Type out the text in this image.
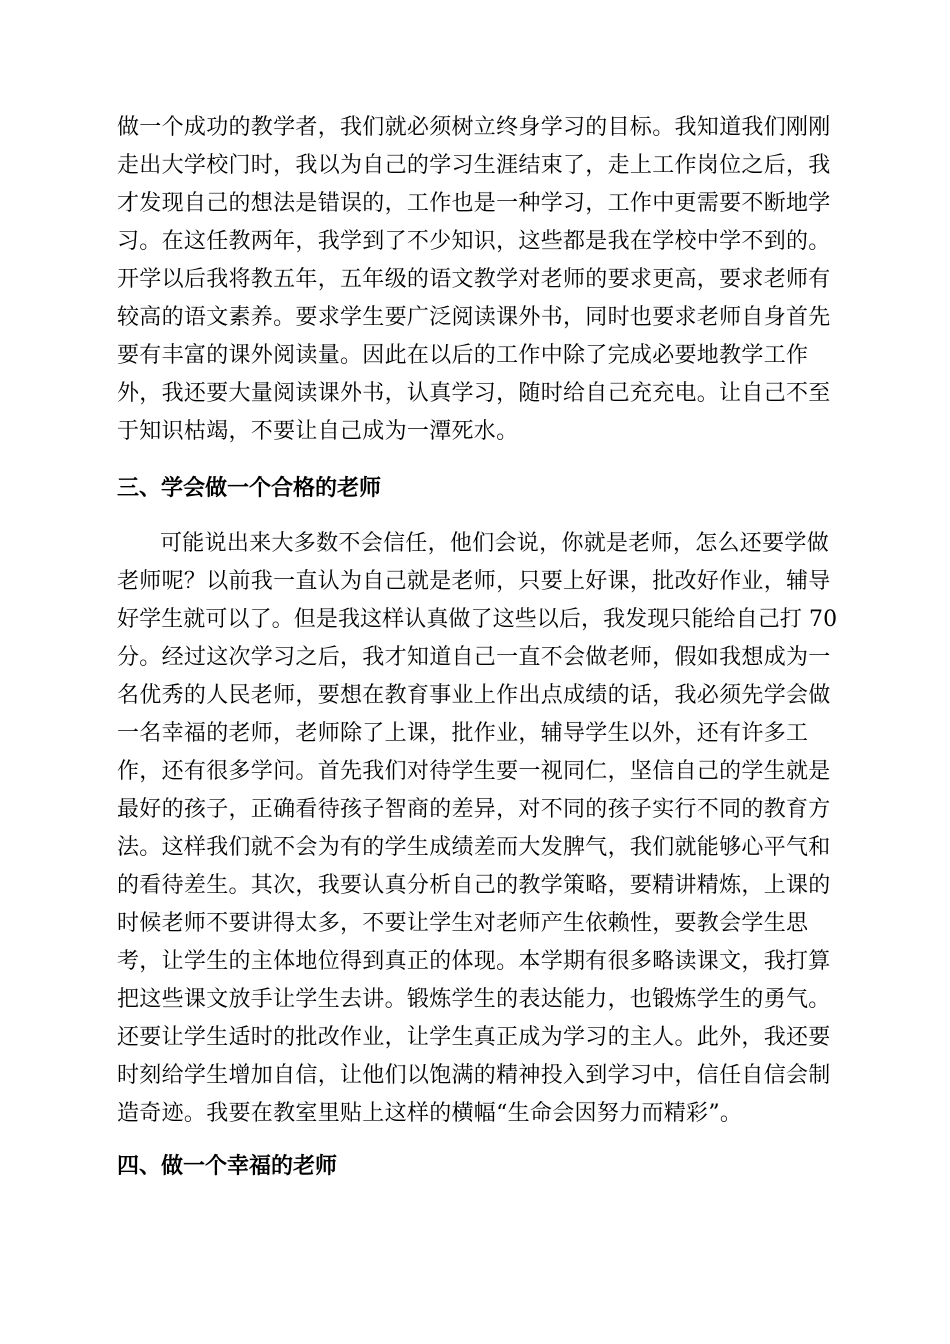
做一个成功的教学者，我们就必须树立终身学习的目标。我知道我们刚刚
走出大学校门时，我以为自己的学习生涯结束了，走上工作岗位之后，我
才发现自己的想法是错误的，工作也是一种学习，工作中更需要不断地学
习。在这任教两年，我学到了不少知识，这些都是我在学校中学不到的。
开学以后我将教五年，五年级的语文教学对老师的要求更高，要求老师有
较高的语文素养。要求学生要广泛阅读课外书，同时也要求老师自身首先
要有丰富的课外阅读量。因此在以后的工作中除了完成必要地教学工作
外，我还要大量阅读课外书，认真学习，随时给自己充充电。让自己不至
于知识枯竭，不要让自己成为一潭死水。
三、学会做一个合格的老师
可能说出来大多数不会信任，他们会说，你就是老师，怎么还要学做
老师呢？以前我一直认为自己就是老师，只要上好课，批改好作业，辅导
好学生就可以了。但是我这样认真做了这些以后，我发现只能给自己打 70
分。经过这次学习之后，我才知道自己一直不会做老师，假如我想成为一
名优秀的人民老师，要想在教育事业上作出点成绩的话，我必须先学会做
一名幸福的老师，老师除了上课，批作业，辅导学生以外，还有许多工
作，还有很多学问。首先我们对待学生要一视同仁，坚信自己的学生就是
最好的孩子，正确看待孩子智商的差异，对不同的孩子实行不同的教育方
法。这样我们就不会为有的学生成绩差而大发脾气，我们就能够心平气和
的看待差生。其次，我要认真分析自己的教学策略，要精讲精炼，上课的
时候老师不要讲得太多，不要让学生对老师产生依赖性，要教会学生思
考，让学生的主体地位得到真正的体现。本学期有很多略读课文，我打算
把这些课文放手让学生去讲。锻炼学生的表达能力，也锻炼学生的勇气。
还要让学生适时的批改作业，让学生真正成为学习的主人。此外，我还要
时刻给学生增加自信，让他们以饱满的精神投入到学习中，信任自信会制
造奇迹。我要在教室里贴上这样的横幅“生命会因努力而精彩”。
四、做一个幸福的老师
